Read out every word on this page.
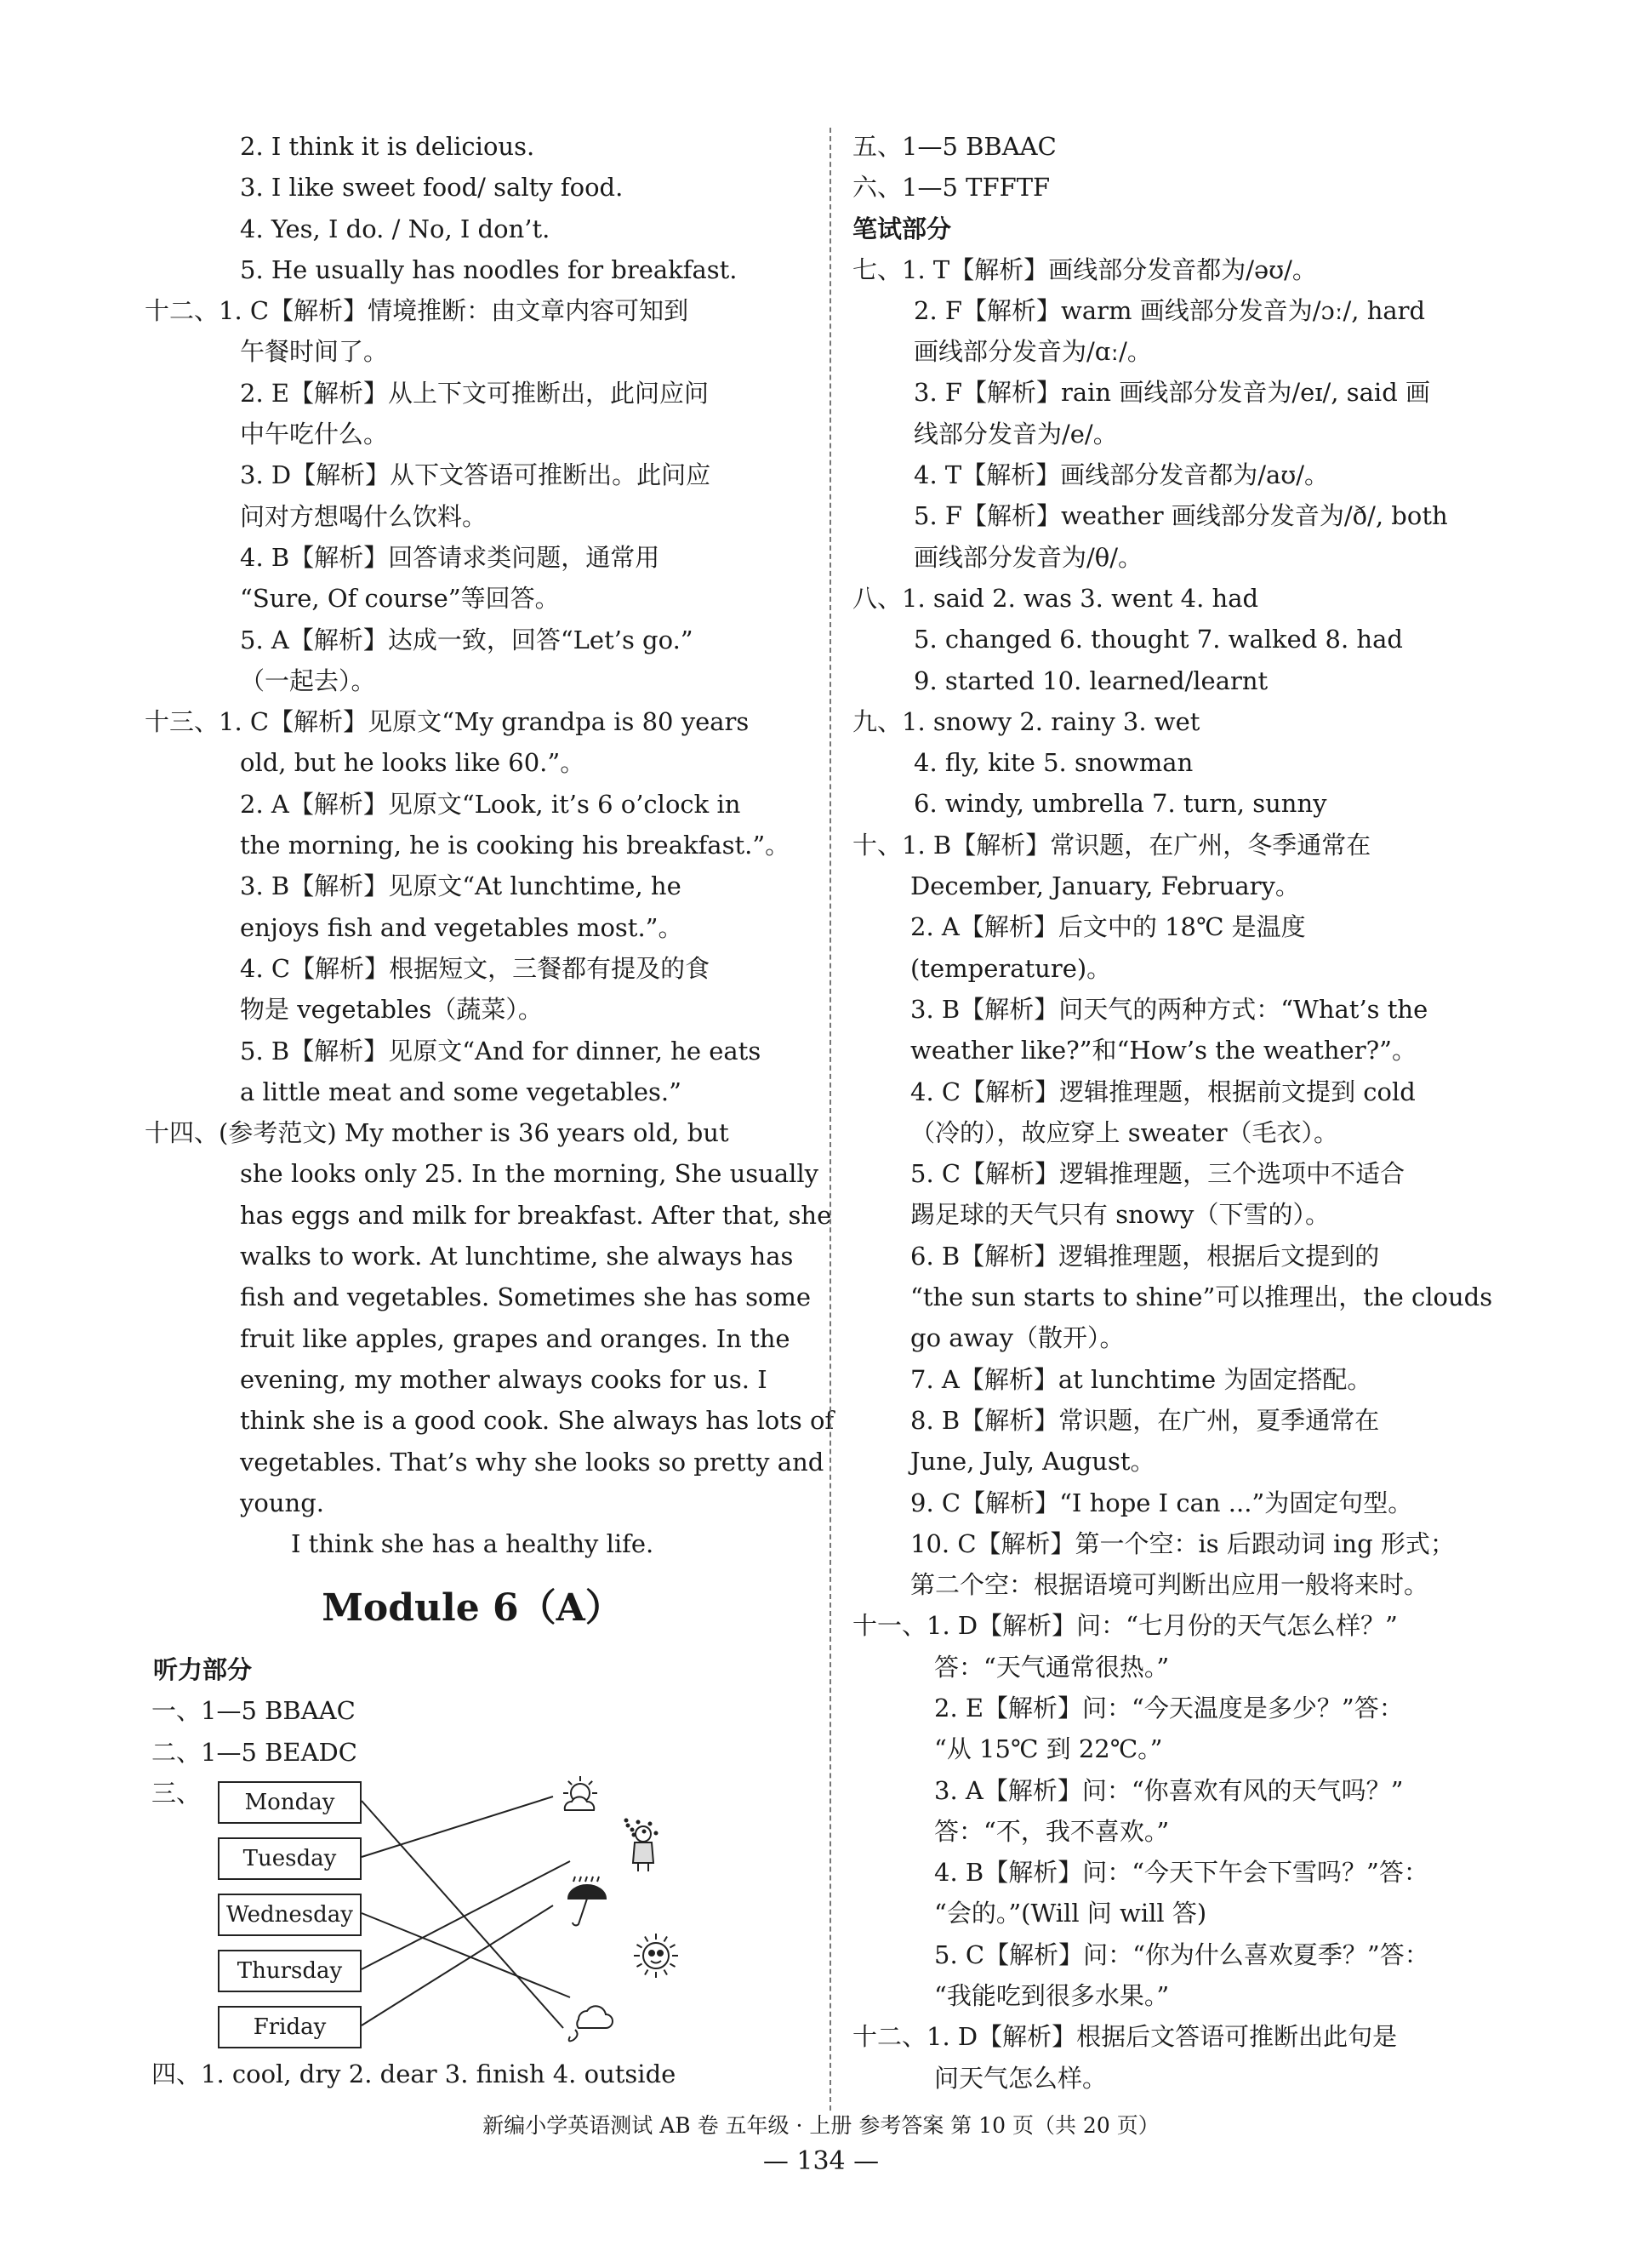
2. I think it is delicious.
3. I like sweet food/ salty food.
4. Yes, I do. / No, I don’t.
5. He usually has noodles for breakfast.
十二、1. C【解析】情境推断：由文章内容可知到
午餐时间了。
2. E【解析】从上下文可推断出，此问应问
中午吃什么。
3. D【解析】从下文答语可推断出。此问应
问对方想喝什么饮料。
4. B【解析】回答请求类问题，通常用
“Sure, Of course”等回答。
5. A【解析】达成一致，回答“Let’s go.”
（一起去）。
十三、1. C【解析】见原文“My grandpa is 80 years
old, but he looks like 60.”。
2. A【解析】见原文“Look, it’s 6 o’clock in
the morning, he is cooking his breakfast.”。
3. B【解析】见原文“At lunchtime, he
enjoys fish and vegetables most.”。
4. C【解析】根据短文，三餐都有提及的食
物是 vegetables（蔬菜）。
5. B【解析】见原文“And for dinner, he eats
a little meat and some vegetables.”
十四、(参考范文) My mother is 36 years old, but
she looks only 25. In the morning, She usually
has eggs and milk for breakfast. After that, she
walks to work. At lunchtime, she always has
fish and vegetables. Sometimes she has some
fruit like apples, grapes and oranges. In the
evening, my mother always cooks for us. I
think she is a good cook. She always has lots of
vegetables. That’s why she looks so pretty and
young.
I think she has a healthy life.
Module 6（A）
听力部分
一、1—5 BBAAC
二、1—5 BEADC
三、	Monday
Tuesday
Wednesday
Thursday
Friday
四、1. cool, dry 2. dear 3. finish 4. outside
五、1—5 BBAAC
六、1—5 TFFTF
笔试部分
七、1. T【解析】画线部分发音都为/əʊ/。
2. F【解析】warm 画线部分发音为/ɔː/, hard
画线部分发音为/ɑː/。
3. F【解析】rain 画线部分发音为/eɪ/, said 画
线部分发音为/e/。
4. T【解析】画线部分发音都为/aʊ/。
5. F【解析】weather 画线部分发音为/ð/, both
画线部分发音为/θ/。
八、1. said 2. was 3. went 4. had
5. changed 6. thought 7. walked 8. had
9. started 10. learned/learnt
九、1. snowy 2. rainy 3. wet
4. fly, kite 5. snowman
6. windy, umbrella 7. turn, sunny
十、1. B【解析】常识题，在广州，冬季通常在
December, January, February。
2. A【解析】后文中的 18℃ 是温度
(temperature)。
3. B【解析】问天气的两种方式：“What’s the
weather like?”和“How’s the weather?”。
4. C【解析】逻辑推理题，根据前文提到 cold
（冷的），故应穿上 sweater（毛衣）。
5. C【解析】逻辑推理题，三个选项中不适合
踢足球的天气只有 snowy（下雪的）。
6. B【解析】逻辑推理题，根据后文提到的
“the sun starts to shine”可以推理出，the clouds
go away（散开）。
7. A【解析】at lunchtime 为固定搭配。
8. B【解析】常识题，在广州，夏季通常在
June, July, August。
9. C【解析】“I hope I can ...”为固定句型。
10. C【解析】第一个空：is 后跟动词 ing 形式；
第二个空：根据语境可判断出应用一般将来时。
十一、1. D【解析】问：“七月份的天气怎么样？”
答：“天气通常很热。”
2. E【解析】问：“今天温度是多少？”答：
“从 15℃ 到 22℃。”
3. A【解析】问：“你喜欢有风的天气吗？”
答：“不，我不喜欢。”
4. B【解析】问：“今天下午会下雪吗？”答：
“会的。”(Will 问 will 答)
5. C【解析】问：“你为什么喜欢夏季？”答：
“我能吃到很多水果。”
十二、1. D【解析】根据后文答语可推断出此句是
问天气怎么样。
新编小学英语测试 AB 卷 五年级 · 上册 参考答案 第 10 页（共 20 页）
— 134 —
